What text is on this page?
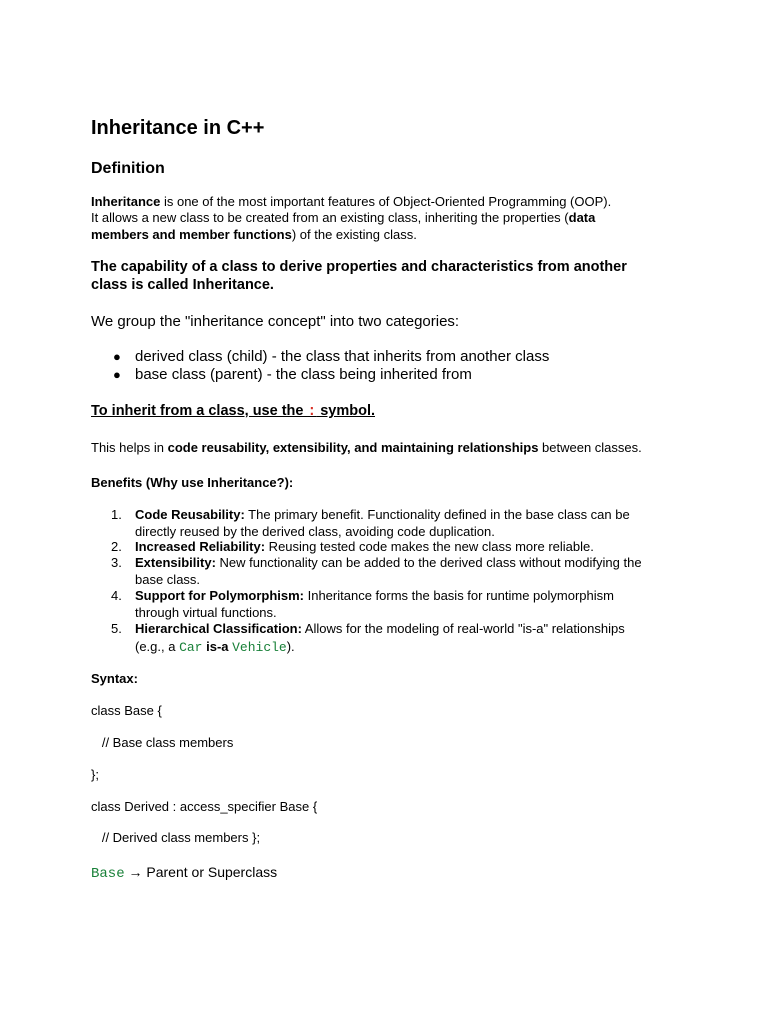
Inheritance in C++
Definition
Inheritance is one of the most important features of Object-Oriented Programming (OOP).
It allows a new class to be created from an existing class, inheriting the properties (data
members and member functions) of the existing class.
The capability of a class to derive properties and characteristics from another
class is called Inheritance.
We group the "inheritance concept" into two categories:
● derived class (child) - the class that inherits from another class
● base class (parent) - the class being inherited from
To inherit from a class, use the : symbol.
This helps in code reusability, extensibility, and maintaining relationships between classes.
Benefits (Why use Inheritance?):
1. Code Reusability: The primary benefit. Functionality defined in the base class can be
directly reused by the derived class, avoiding code duplication.
2. Increased Reliability: Reusing tested code makes the new class more reliable.
3. Extensibility: New functionality can be added to the derived class without modifying the
base class.
4. Support for Polymorphism: Inheritance forms the basis for runtime polymorphism
through virtual functions.
5. Hierarchical Classification: Allows for the modeling of real-world "is-a" relationships
(e.g., a Car is-a Vehicle).
Syntax:
class Base {
// Base class members
};
class Derived : access_specifier Base {
// Derived class members };
Base → Parent or Superclass
